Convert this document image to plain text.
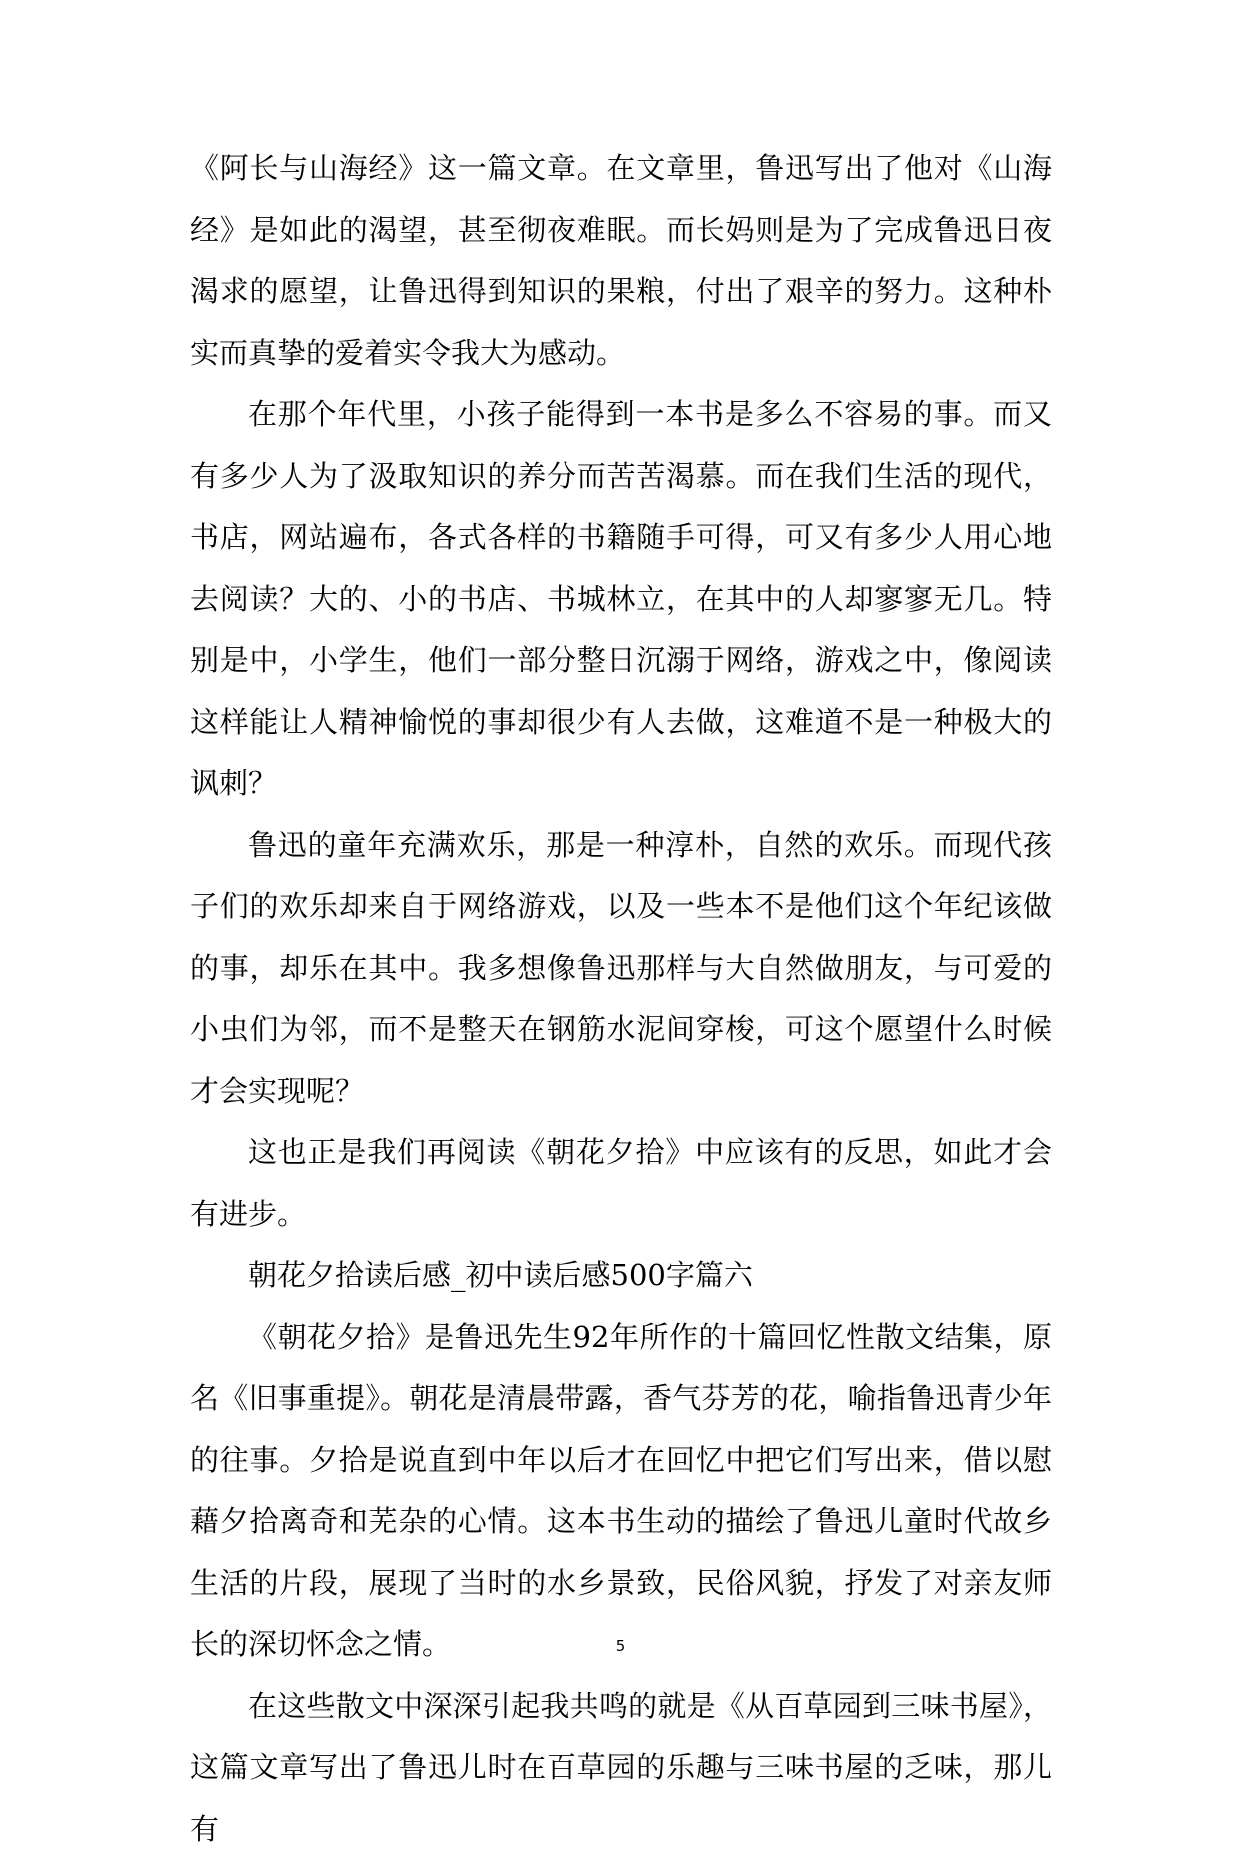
《阿长与山海经》这一篇文章。在文章里，鲁迅写出了他对《山海经》是如此的渴望，甚至彻夜难眠。而长妈则是为了完成鲁迅日夜渴求的愿望，让鲁迅得到知识的果粮，付出了艰辛的努力。这种朴实而真挚的爱着实令我大为感动。

在那个年代里，小孩子能得到一本书是多么不容易的事。而又有多少人为了汲取知识的养分而苦苦渴慕。而在我们生活的现代，书店，网站遍布，各式各样的书籍随手可得，可又有多少人用心地去阅读？大的、小的书店、书城林立，在其中的人却寥寥无几。特别是中，小学生，他们一部分整日沉溺于网络，游戏之中，像阅读这样能让人精神愉悦的事却很少有人去做，这难道不是一种极大的讽刺？

鲁迅的童年充满欢乐，那是一种淳朴，自然的欢乐。而现代孩子们的欢乐却来自于网络游戏，以及一些本不是他们这个年纪该做的事，却乐在其中。我多想像鲁迅那样与大自然做朋友，与可爱的小虫们为邻，而不是整天在钢筋水泥间穿梭，可这个愿望什么时候才会实现呢？

这也正是我们再阅读《朝花夕拾》中应该有的反思，如此才会有进步。

朝花夕拾读后感_初中读后感500字篇六

《朝花夕拾》是鲁迅先生92年所作的十篇回忆性散文结集，原名《旧事重提》。朝花是清晨带露，香气芬芳的花，喻指鲁迅青少年的往事。夕拾是说直到中年以后才在回忆中把它们写出来，借以慰藉夕拾离奇和芜杂的心情。这本书生动的描绘了鲁迅儿童时代故乡生活的片段，展现了当时的水乡景致，民俗风貌，抒发了对亲友师长的深切怀念之情。

在这些散文中深深引起我共鸣的就是《从百草园到三味书屋》，这篇文章写出了鲁迅儿时在百草园的乐趣与三味书屋的乏味，那儿有

5
